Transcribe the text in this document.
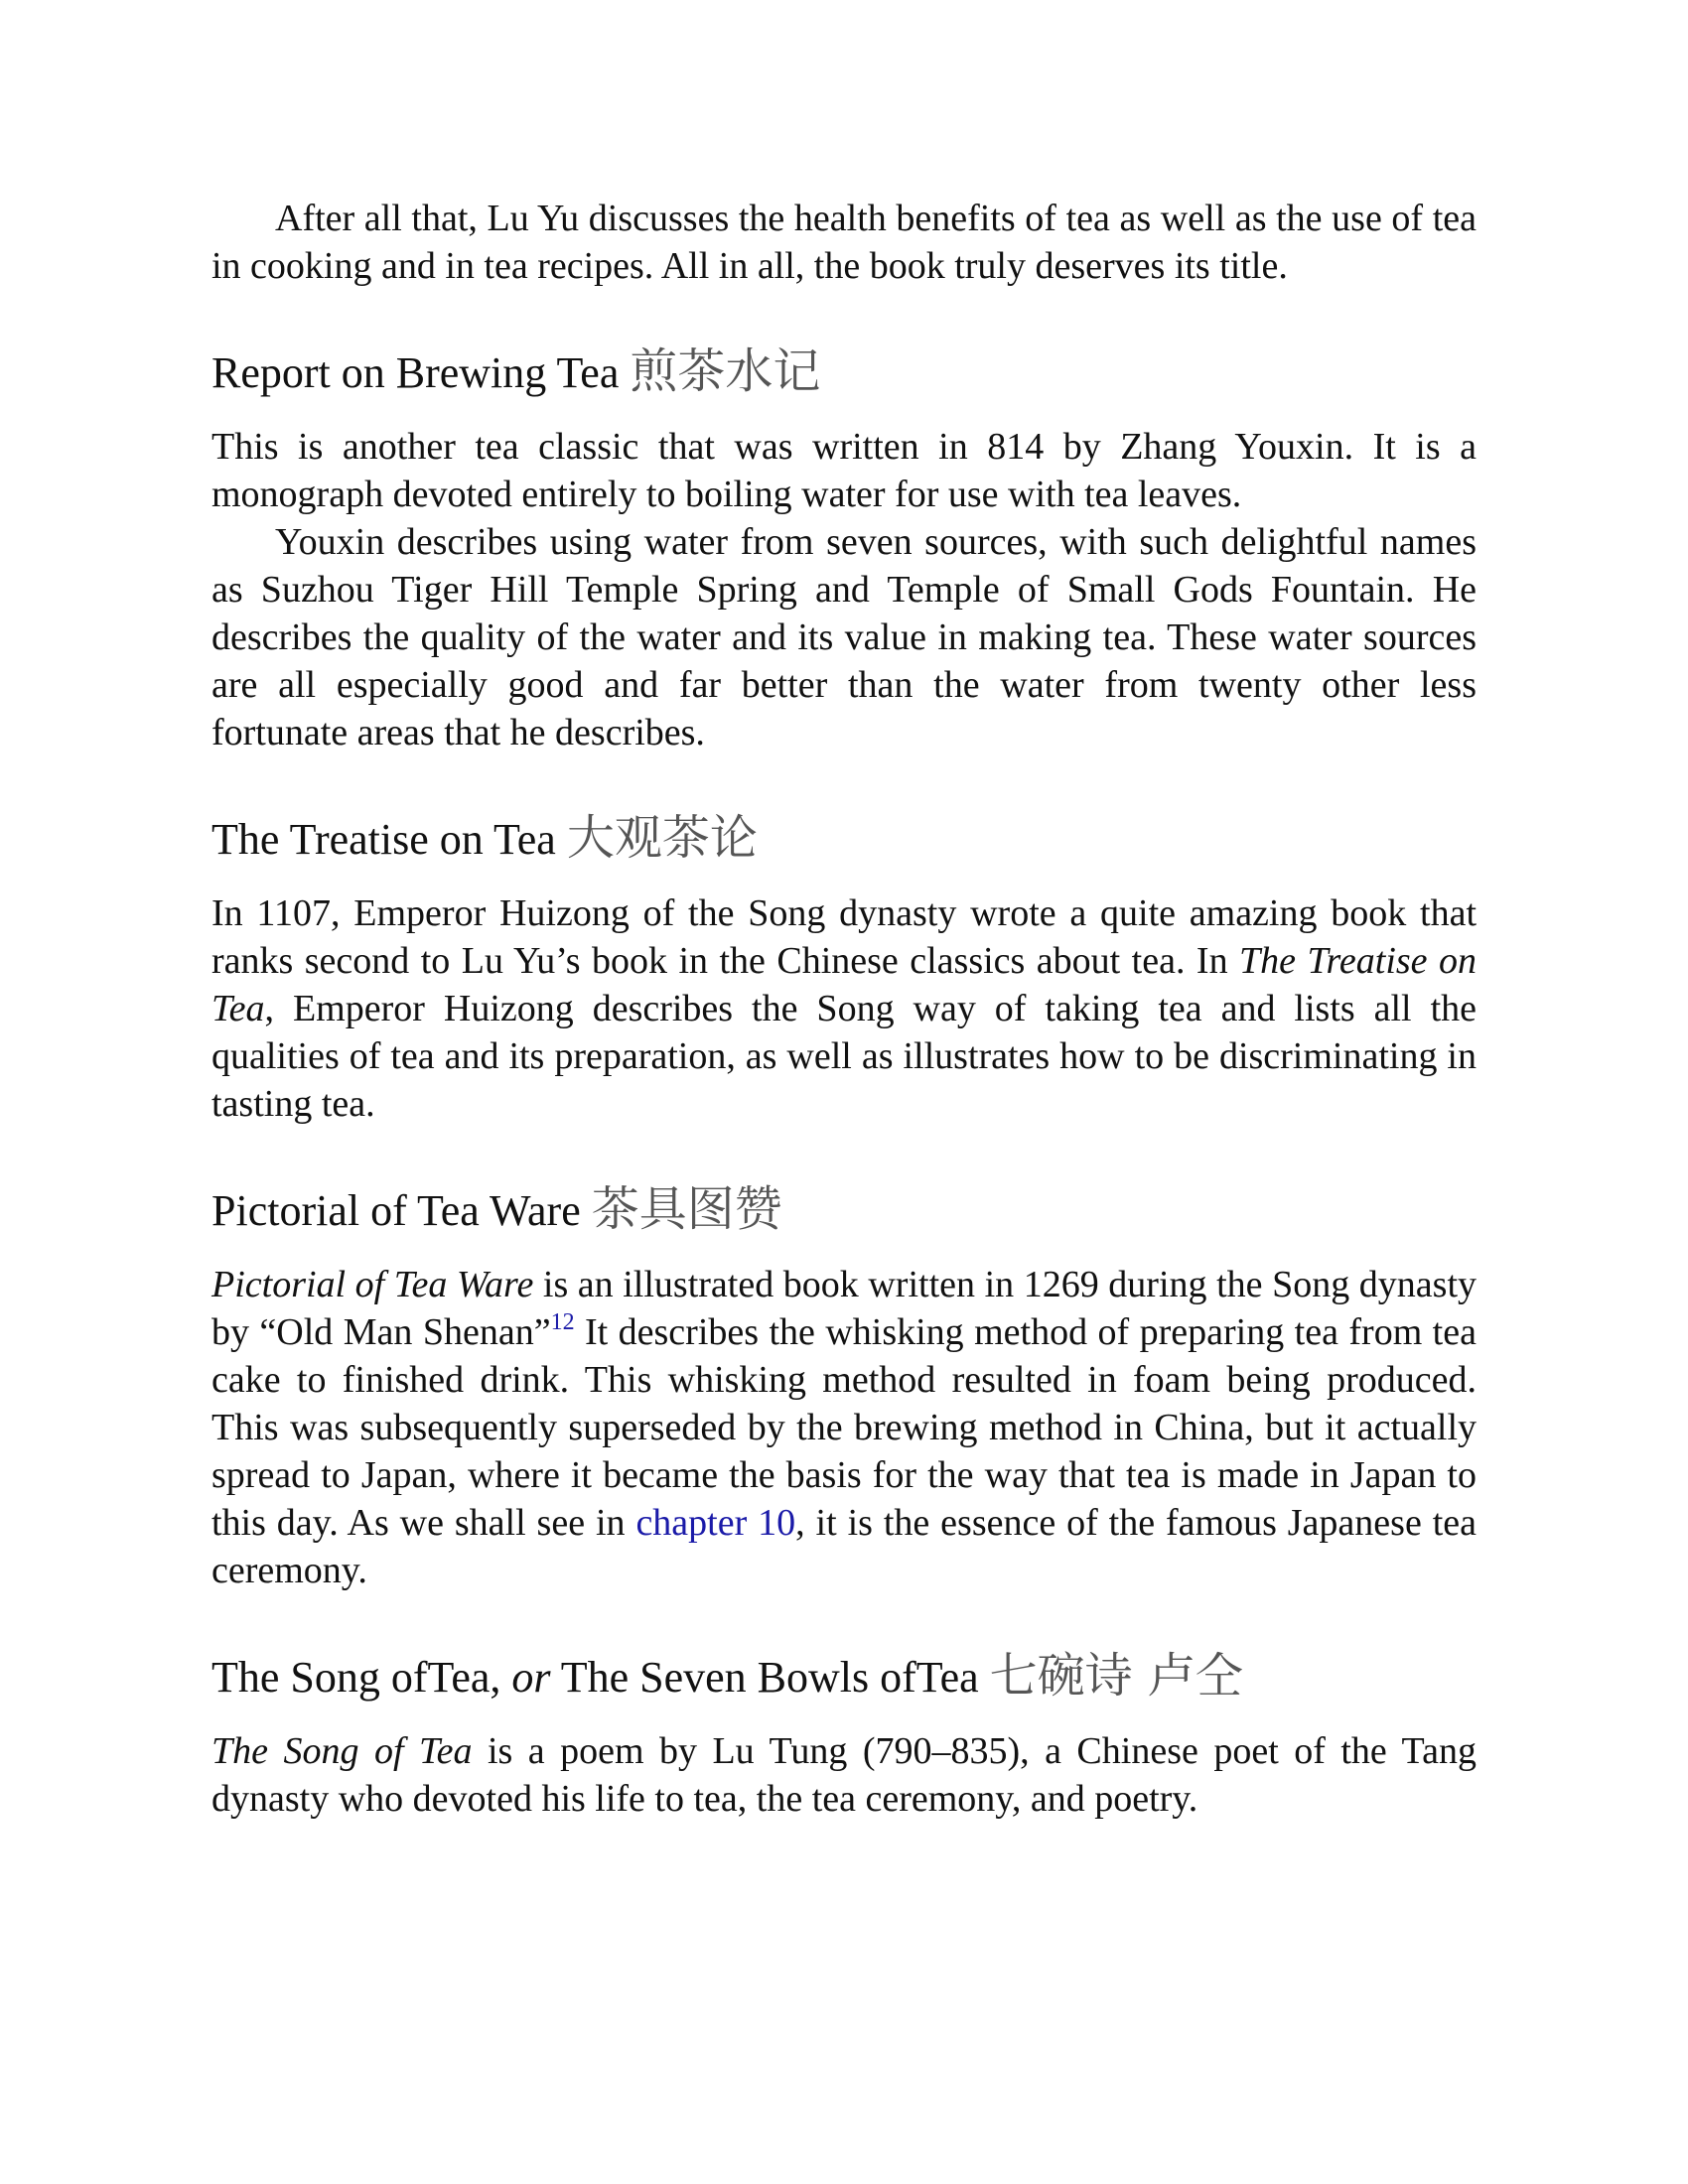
After all that, Lu Yu discusses the health benefits of tea as well as the use of tea in cooking and in tea recipes. All in all, the book truly deserves its title.

Report on Brewing Tea 煎茶水记

This is another tea classic that was written in 814 by Zhang Youxin. It is a monograph devoted entirely to boiling water for use with tea leaves.

Youxin describes using water from seven sources, with such delightful names as Suzhou Tiger Hill Temple Spring and Temple of Small Gods Fountain. He describes the quality of the water and its value in making tea. These water sources are all especially good and far better than the water from twenty other less fortunate areas that he describes.

The Treatise on Tea 大观茶论

In 1107, Emperor Huizong of the Song dynasty wrote a quite amazing book that ranks second to Lu Yu’s book in the Chinese classics about tea. In The Treatise on Tea, Emperor Huizong describes the Song way of taking tea and lists all the qualities of tea and its preparation, as well as illustrates how to be discriminating in tasting tea.

Pictorial of Tea Ware 茶具图赞

Pictorial of Tea Ware is an illustrated book written in 1269 during the Song dynasty by “Old Man Shenan”$^{12}$ It describes the whisking method of preparing tea from tea cake to finished drink. This whisking method resulted in foam being produced. This was subsequently superseded by the brewing method in China, but it actually spread to Japan, where it became the basis for the way that tea is made in Japan to this day. As we shall see in chapter 10, it is the essence of the famous Japanese tea ceremony.

The Song ofTea, or The Seven Bowls ofTea 七碗诗 卢仝

The Song of Tea is a poem by Lu Tung (790–835), a Chinese poet of the Tang dynasty who devoted his life to tea, the tea ceremony, and poetry.
